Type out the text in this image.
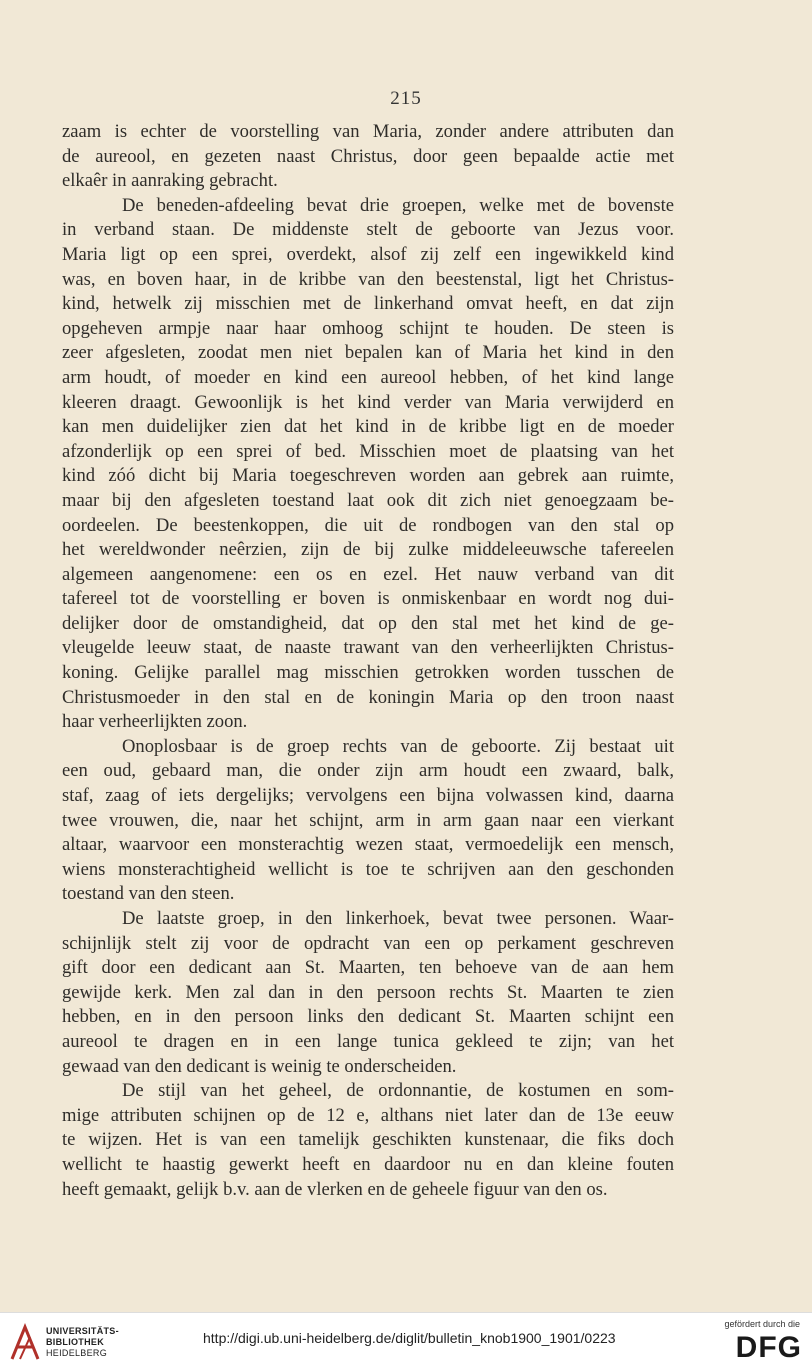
215

zaam is echter de voorstelling van Maria, zonder andere attributen dan
de aureool, en gezeten naast Christus, door geen bepaalde actie met
elkaêr in aanraking gebracht.

De beneden-afdeeling bevat drie groepen, welke met de bovenste
in verband staan. De middenste stelt de geboorte van Jezus voor.
Maria ligt op een sprei, overdekt, alsof zij zelf een ingewikkeld kind
was, en boven haar, in de kribbe van den beestenstal, ligt het Christus-
kind, hetwelk zij misschien met de linkerhand omvat heeft, en dat zijn
opgeheven armpje naar haar omhoog schijnt te houden. De steen is
zeer afgesleten, zoodat men niet bepalen kan of Maria het kind in den
arm houdt, of moeder en kind een aureool hebben, of het kind lange
kleeren draagt. Gewoonlijk is het kind verder van Maria verwijderd en
kan men duidelijker zien dat het kind in de kribbe ligt en de moeder
afzonderlijk op een sprei of bed. Misschien moet de plaatsing van het
kind zóó dicht bij Maria toegeschreven worden aan gebrek aan ruimte,
maar bij den afgesleten toestand laat ook dit zich niet genoegzaam be-
oordeelen. De beestenkoppen, die uit de rondbogen van den stal op
het wereldwonder neêrzien, zijn de bij zulke middeleeuwsche tafereelen
algemeen aangenomene: een os en ezel. Het nauw verband van dit
tafereel tot de voorstelling er boven is onmiskenbaar en wordt nog dui-
delijker door de omstandigheid, dat op den stal met het kind de ge-
vleugelde leeuw staat, de naaste trawant van den verheerlijkten Christus-
koning. Gelijke parallel mag misschien getrokken worden tusschen de
Christusmoeder in den stal en de koningin Maria op den troon naast
haar verheerlijkten zoon.

Onoplosbaar is de groep rechts van de geboorte. Zij bestaat uit
een oud, gebaard man, die onder zijn arm houdt een zwaard, balk,
staf, zaag of iets dergelijks; vervolgens een bijna volwassen kind, daarna
twee vrouwen, die, naar het schijnt, arm in arm gaan naar een vierkant
altaar, waarvoor een monsterachtig wezen staat, vermoedelijk een mensch,
wiens monsterachtigheid wellicht is toe te schrijven aan den geschonden
toestand van den steen.

De laatste groep, in den linkerhoek, bevat twee personen. Waar-
schijnlijk stelt zij voor de opdracht van een op perkament geschreven
gift door een dedicant aan St. Maarten, ten behoeve van de aan hem
gewijde kerk. Men zal dan in den persoon rechts St. Maarten te zien
hebben, en in den persoon links den dedicant St. Maarten schijnt een
aureool te dragen en in een lange tunica gekleed te zijn; van het
gewaad van den dedicant is weinig te onderscheiden.

De stijl van het geheel, de ordonnantie, de kostumen en som-
mige attributen schijnen op de 12 e, althans niet later dan de 13e eeuw
te wijzen. Het is van een tamelijk geschikten kunstenaar, die fiks doch
wellicht te haastig gewerkt heeft en daardoor nu en dan kleine fouten
heeft gemaakt, gelijk b.v. aan de vlerken en de geheele figuur van den os.

UNIVERSITÄTS-
BIBLIOTHEK
HEIDELBERG
http://digi.ub.uni-heidelberg.de/diglit/bulletin_knob1900_1901/0223
gefördert durch die
DFG
